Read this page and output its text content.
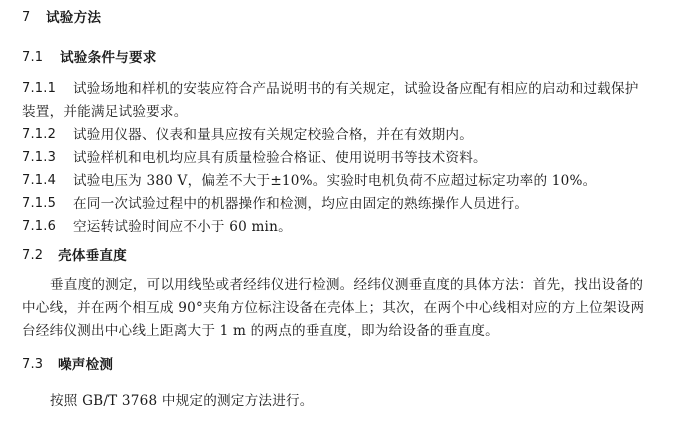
7 试验方法
7.1 试验条件与要求
7.1.1 试验场地和样机的安装应符合产品说明书的有关规定，试验设备应配有相应的启动和过载保护
装置，并能满足试验要求。
7.1.2 试验用仪器、仪表和量具应按有关规定校验合格，并在有效期内。
7.1.3 试验样机和电机均应具有质量检验合格证、使用说明书等技术资料。
7.1.4 试验电压为 380 V，偏差不大于±10%。实验时电机负荷不应超过标定功率的 10%。
7.1.5 在同一次试验过程中的机器操作和检测，均应由固定的熟练操作人员进行。
7.1.6 空运转试验时间应不小于 60 min。
7.2 壳体垂直度
垂直度的测定，可以用线坠或者经纬仪进行检测。经纬仪测垂直度的具体方法：首先，找出设备的
中心线，并在两个相互成 90°夹角方位标注设备在壳体上；其次，在两个中心线相对应的方上位架设两
台经纬仪测出中心线上距离大于 1 m 的两点的垂直度，即为给设备的垂直度。
7.3 噪声检测
按照 GB/T 3768 中规定的测定方法进行。
